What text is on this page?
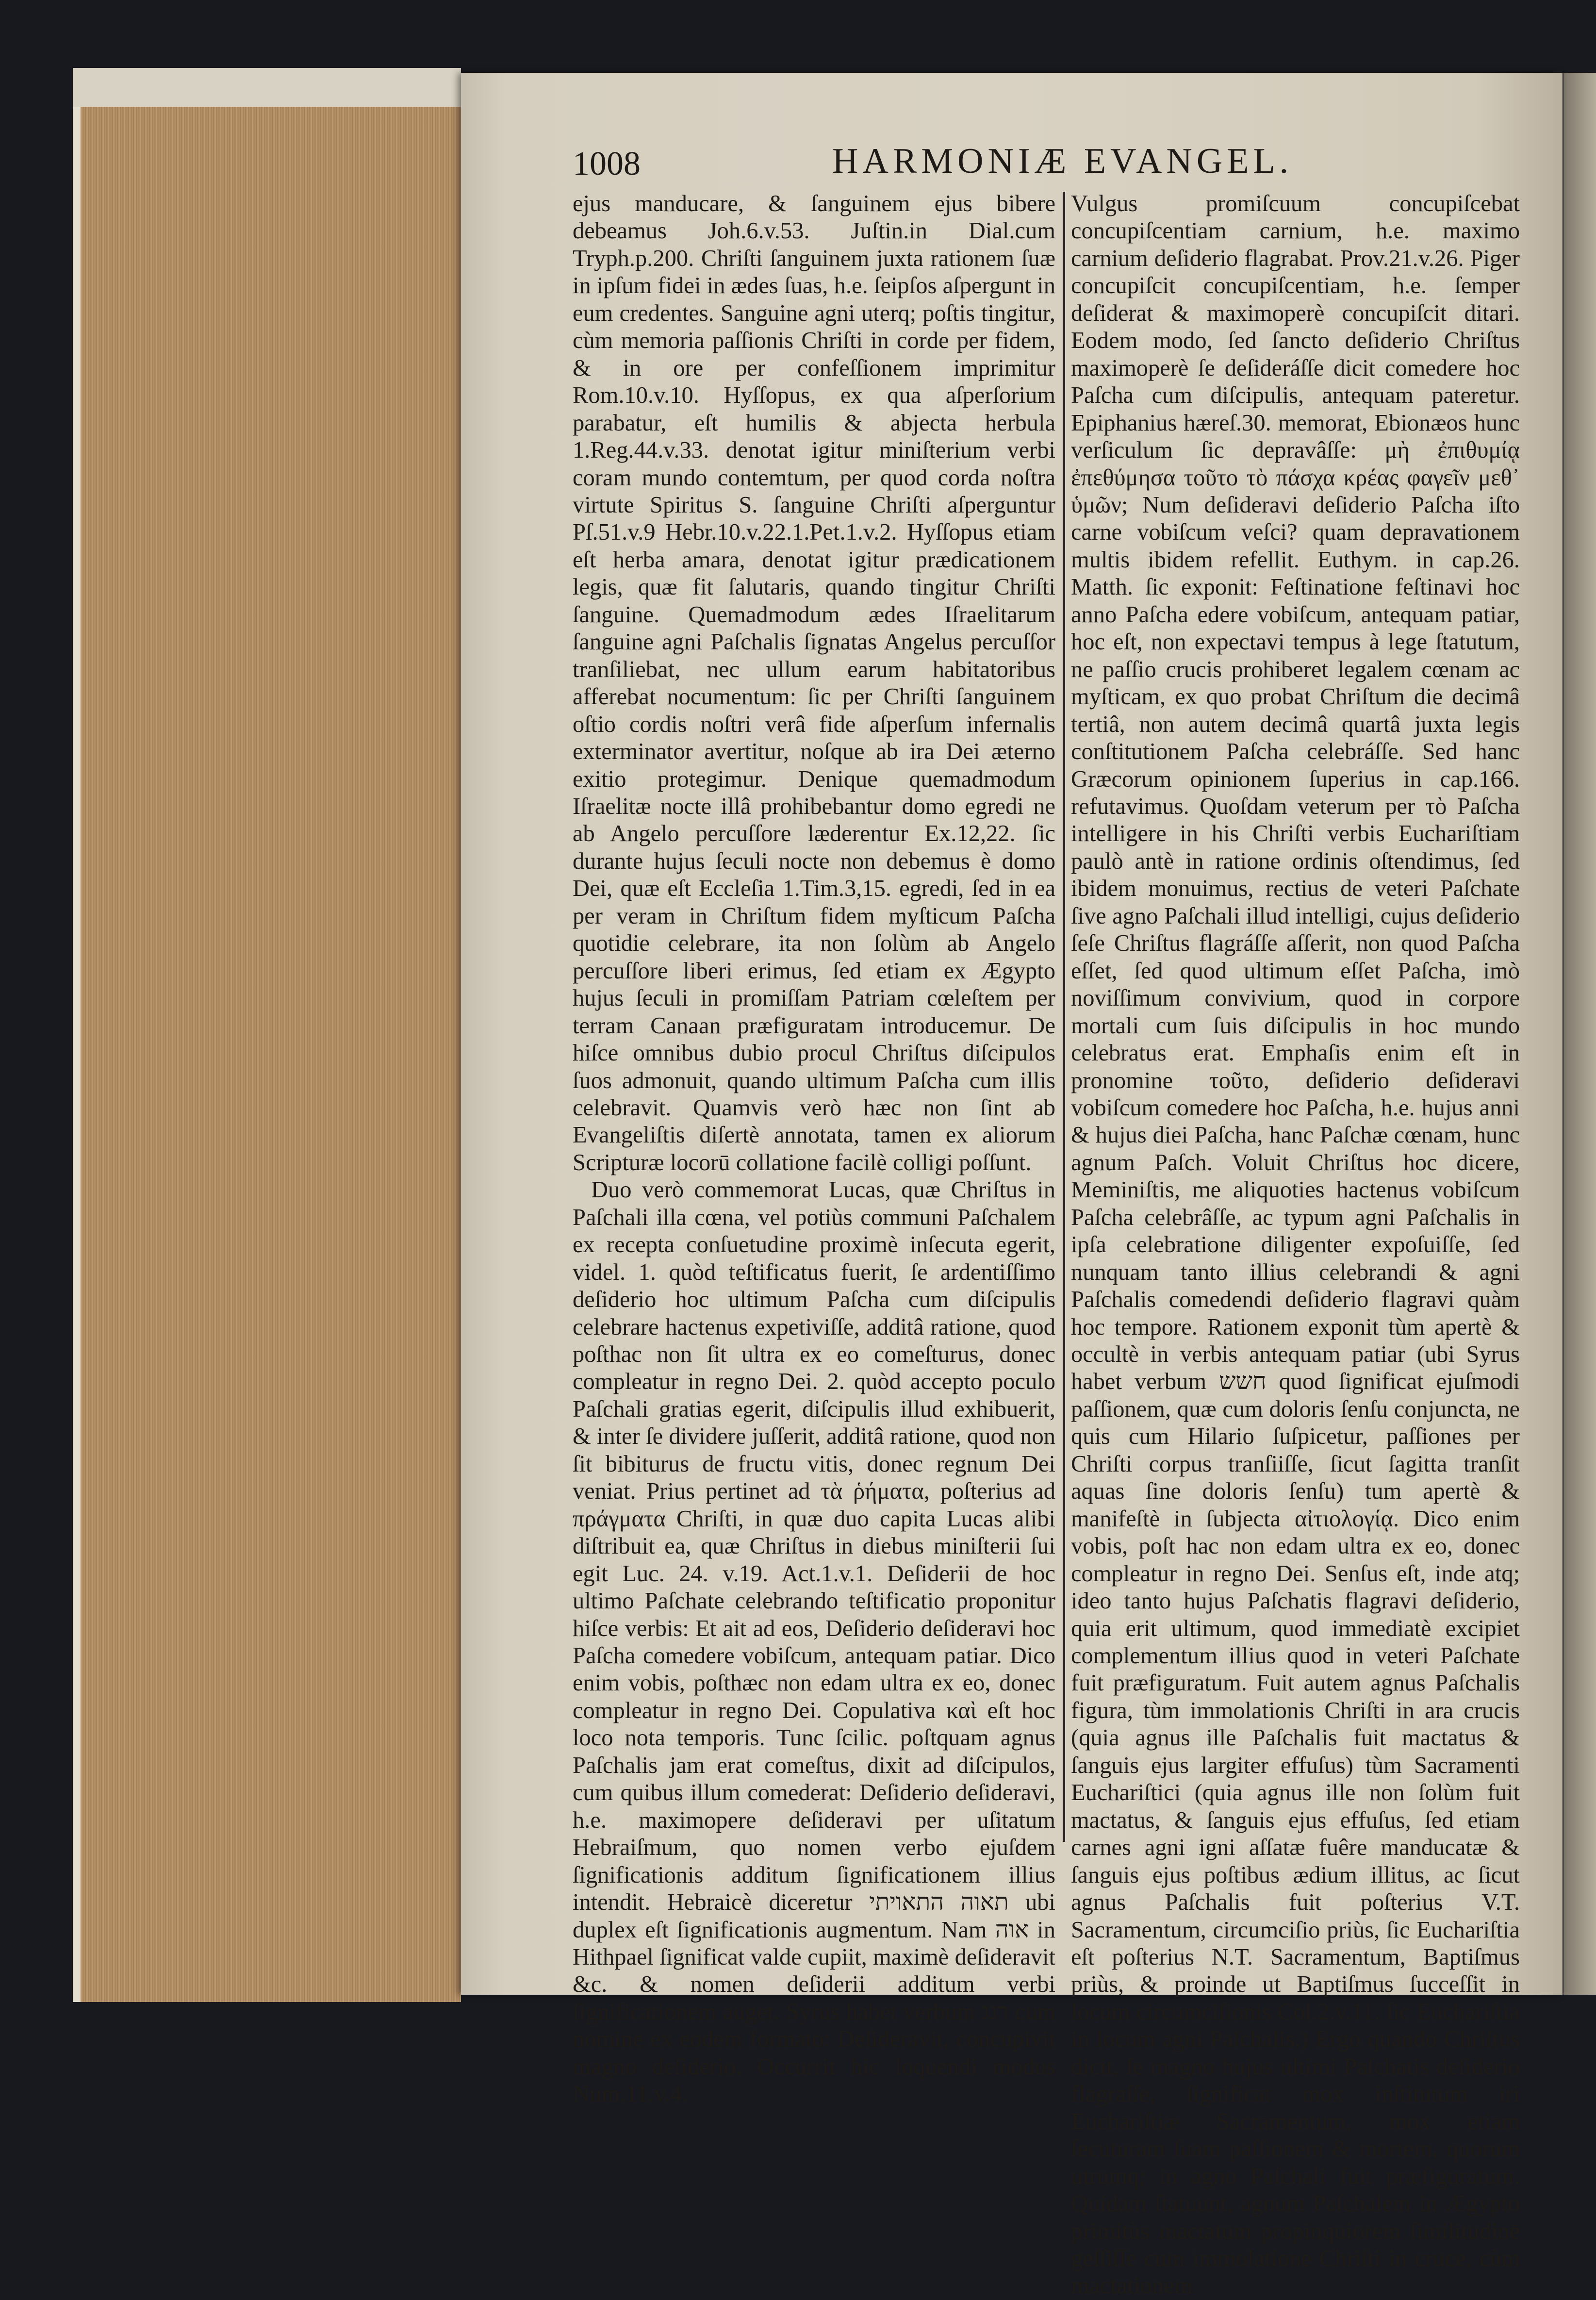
1008	HARMONIÆ EVANGEL.

ejus manducare, & ſanguinem ejus bibere debeamus Joh.6.v.53. Juſtin.in Dial.cum Tryph.p.200. Chriſti ſanguinem juxta rationem ſuæ in ipſum fidei in ædes ſuas, h.e. ſeipſos aſpergunt in eum credentes. Sanguine agni uterq; poſtis tingitur, cùm memoria paſſionis Chriſti in corde per fidem, & in ore per confeſſionem imprimitur Rom.10.v.10. Hyſſopus, ex qua aſperſorium parabatur, eſt humilis & abjecta herbula 1.Reg.44.v.33. denotat igitur miniſterium verbi coram mundo contemtum, per quod corda noſtra virtute Spiritus S. ſanguine Chriſti aſperguntur Pſ.51.v.9 Hebr.10.v.22.1.Pet.1.v.2. Hyſſopus etiam eſt herba amara, denotat igitur prædicationem legis, quæ fit ſalutaris, quando tingitur Chriſti ſanguine. Quemadmodum ædes Iſraelitarum ſanguine agni Paſchalis ſignatas Angelus percuſſor tranſiliebat, nec ullum earum habitatoribus afferebat nocumentum: ſic per Chriſti ſanguinem oſtio cordis noſtri verâ fide aſperſum infernalis exterminator avertitur, noſque ab ira Dei æterno exitio protegimur. Denique quemadmodum Iſraelitæ nocte illâ prohibebantur domo egredi ne ab Angelo percuſſore læderentur Ex.12,22. ſic durante hujus ſeculi nocte non debemus è domo Dei, quæ eſt Eccleſia 1.Tim.3,15. egredi, ſed in ea per veram in Chriſtum fidem myſticum Paſcha quotidie celebrare, ita non ſolùm ab Angelo percuſſore liberi erimus, ſed etiam ex Ægypto hujus ſeculi in promiſſam Patriam cœleſtem per terram Canaan præfiguratam introducemur. De hiſce omnibus dubio procul Chriſtus diſcipulos ſuos admonuit, quando ultimum Paſcha cum illis celebravit. Quamvis verò hæc non ſint ab Evangeliſtis diſertè annotata, tamen ex aliorum Scripturæ locorū collatione facilè colligi poſſunt.

Duo verò commemorat Lucas, quæ Chriſtus in Paſchali illa cœna, vel potiùs communi Paſchalem ex recepta conſuetudine proximè inſecuta egerit, videl. 1. quòd teſtificatus fuerit, ſe ardentiſſimo deſiderio hoc ultimum Paſcha cum diſcipulis celebrare hactenus expetiviſſe, additâ ratione, quod poſthac non ſit ultra ex eo comeſturus, donec compleatur in regno Dei. 2. quòd accepto poculo Paſchali gratias egerit, diſcipulis illud exhibuerit, & inter ſe dividere juſſerit, additâ ratione, quod non ſit bibiturus de fructu vitis, donec regnum Dei veniat. Prius pertinet ad τὰ ῥήματα, poſterius ad πράγματα Chriſti, in quæ duo capita Lucas alibi diſtribuit ea, quæ Chriſtus in diebus miniſterii ſui egit Luc. 24. v.19. Act.1.v.1. Deſiderii de hoc ultimo Paſchate celebrando teſtificatio proponitur hiſce verbis: Et ait ad eos, Deſiderio deſideravi hoc Paſcha comedere vobiſcum, antequam patiar. Dico enim vobis, poſthæc non edam ultra ex eo, donec compleatur in regno Dei. Copulativa καὶ eſt hoc loco nota temporis. Tunc ſcilic. poſtquam agnus Paſchalis jam erat comeſtus, dixit ad diſcipulos, cum quibus illum comederat: Deſiderio deſideravi, h.e. maximopere deſideravi per uſitatum Hebraiſmum, quo nomen verbo ejuſdem ſignificationis additum ſignificationem illius intendit. Hebraicè diceretur תאוה התאויתי ubi duplex eſt ſignificationis augmentum. Nam אוה in Hithpael ſignificat valde cupiit, maximè deſideravit &c. & nomen deſiderii additum verbi ſignificationem auget. Syrus habet verbum רגג cum nomine ex eodem formato: Deſideravit, concupivit magno deſiderio. Occurrit hic loquendi modus Num.11.v.4.

Vulgus promiſcuum concupiſcebat concupiſcentiam carnium, h.e. maximo carnium deſiderio flagrabat. Prov.21.v.26. Piger concupiſcit concupiſcentiam, h.e. ſemper deſiderat & maximoperè concupiſcit ditari. Eodem modo, ſed ſancto deſiderio Chriſtus maximoperè ſe deſideráſſe dicit comedere hoc Paſcha cum diſcipulis, antequam pateretur. Epiphanius hæreſ.30. memorat, Ebionæos hunc verſiculum ſic depravâſſe: μὴ ἐπιθυμίᾳ ἐπεθύμησα τοῦτο τὸ πάσχα κρέας φαγεῖν μεθ᾽ ὑμῶν; Num deſideravi deſiderio Paſcha iſto carne vobiſcum veſci? quam depravationem multis ibidem refellit. Euthym. in cap.26. Matth. ſic exponit: Feſtinatione feſtinavi hoc anno Paſcha edere vobiſcum, antequam patiar, hoc eſt, non expectavi tempus à lege ſtatutum, ne paſſio crucis prohiberet legalem cœnam ac myſticam, ex quo probat Chriſtum die decimâ tertiâ, non autem decimâ quartâ juxta legis conſtitutionem Paſcha celebráſſe. Sed hanc Græcorum opinionem ſuperius in cap.166. refutavimus. Quoſdam veterum per τὸ Paſcha intelligere in his Chriſti verbis Euchariſtiam paulò antè in ratione ordinis oſtendimus, ſed ibidem monuimus, rectius de veteri Paſchate ſive agno Paſchali illud intelligi, cujus deſiderio ſeſe Chriſtus flagráſſe aſſerit, non quod Paſcha eſſet, ſed quod ultimum eſſet Paſcha, imò noviſſimum convivium, quod in corpore mortali cum ſuis diſcipulis in hoc mundo celebratus erat. Emphaſis enim eſt in pronomine τοῦτο, deſiderio deſideravi vobiſcum comedere hoc Paſcha, h.e. hujus anni & hujus diei Paſcha, hanc Paſchæ cœnam, hunc agnum Paſch. Voluit Chriſtus hoc dicere, Meminiſtis, me aliquoties hactenus vobiſcum Paſcha celebrâſſe, ac typum agni Paſchalis in ipſa celebratione diligenter expoſuiſſe, ſed nunquam tanto illius celebrandi & agni Paſchalis comedendi deſiderio flagravi quàm hoc tempore. Rationem exponit tùm apertè & occultè in verbis antequam patiar (ubi Syrus habet verbum חשש quod ſignificat ejuſmodi paſſionem, quæ cum doloris ſenſu conjuncta, ne quis cum Hilario ſuſpicetur, paſſiones per Chriſti corpus tranſiiſſe, ſicut ſagitta tranſit aquas ſine doloris ſenſu) tum apertè & manifeſtè in ſubjecta αἰτιολογίᾳ. Dico enim vobis, poſt hac non edam ultra ex eo, donec compleatur in regno Dei. Senſus eſt, inde atq; ideo tanto hujus Paſchatis flagravi deſiderio, quia erit ultimum, quod immediatè excipiet complementum illius quod in veteri Paſchate fuit præfiguratum. Fuit autem agnus Paſchalis figura, tùm immolationis Chriſti in ara crucis (quia agnus ille Paſchalis fuit mactatus & ſanguis ejus largiter effuſus) tùm Sacramenti Euchariſtici (quia agnus ille non ſolùm fuit mactatus, & ſanguis ejus effuſus, ſed etiam carnes agni igni aſſatæ fuêre manducatæ & ſanguis ejus poſtibus ædium illitus, ac ſicut agnus Paſchalis fuit poſterius V.T. Sacramentum, circumciſio priùs, ſic Euchariſtia eſt poſterius N.T. Sacramentum, Baptiſmus priùs, & proinde ut Baptiſmus ſucceſſit in locum circumciſionis Col.2.v.11. ſic Euchariſtia in locum agni Paſchalis.) Ergo quando Chriſtus dicit, ſe magno hujus ultimi Paſchatis deſiderio flagraſſe, ſignificat mox inſtitutum iri Euchariſtiæ Sacramentum, mox etiam ſecuturam ſuam paſſionem & mortem, quorum utrumq; in agno Paſchali fuit præfiguratum. Quidam ſtatuunt, agnum Paſchalem in Ægypto primitùs mactatum propinquiorem ſimilitudinē geſſiſſe cum immolatione Chriſti in cruce, cùm mactationem
